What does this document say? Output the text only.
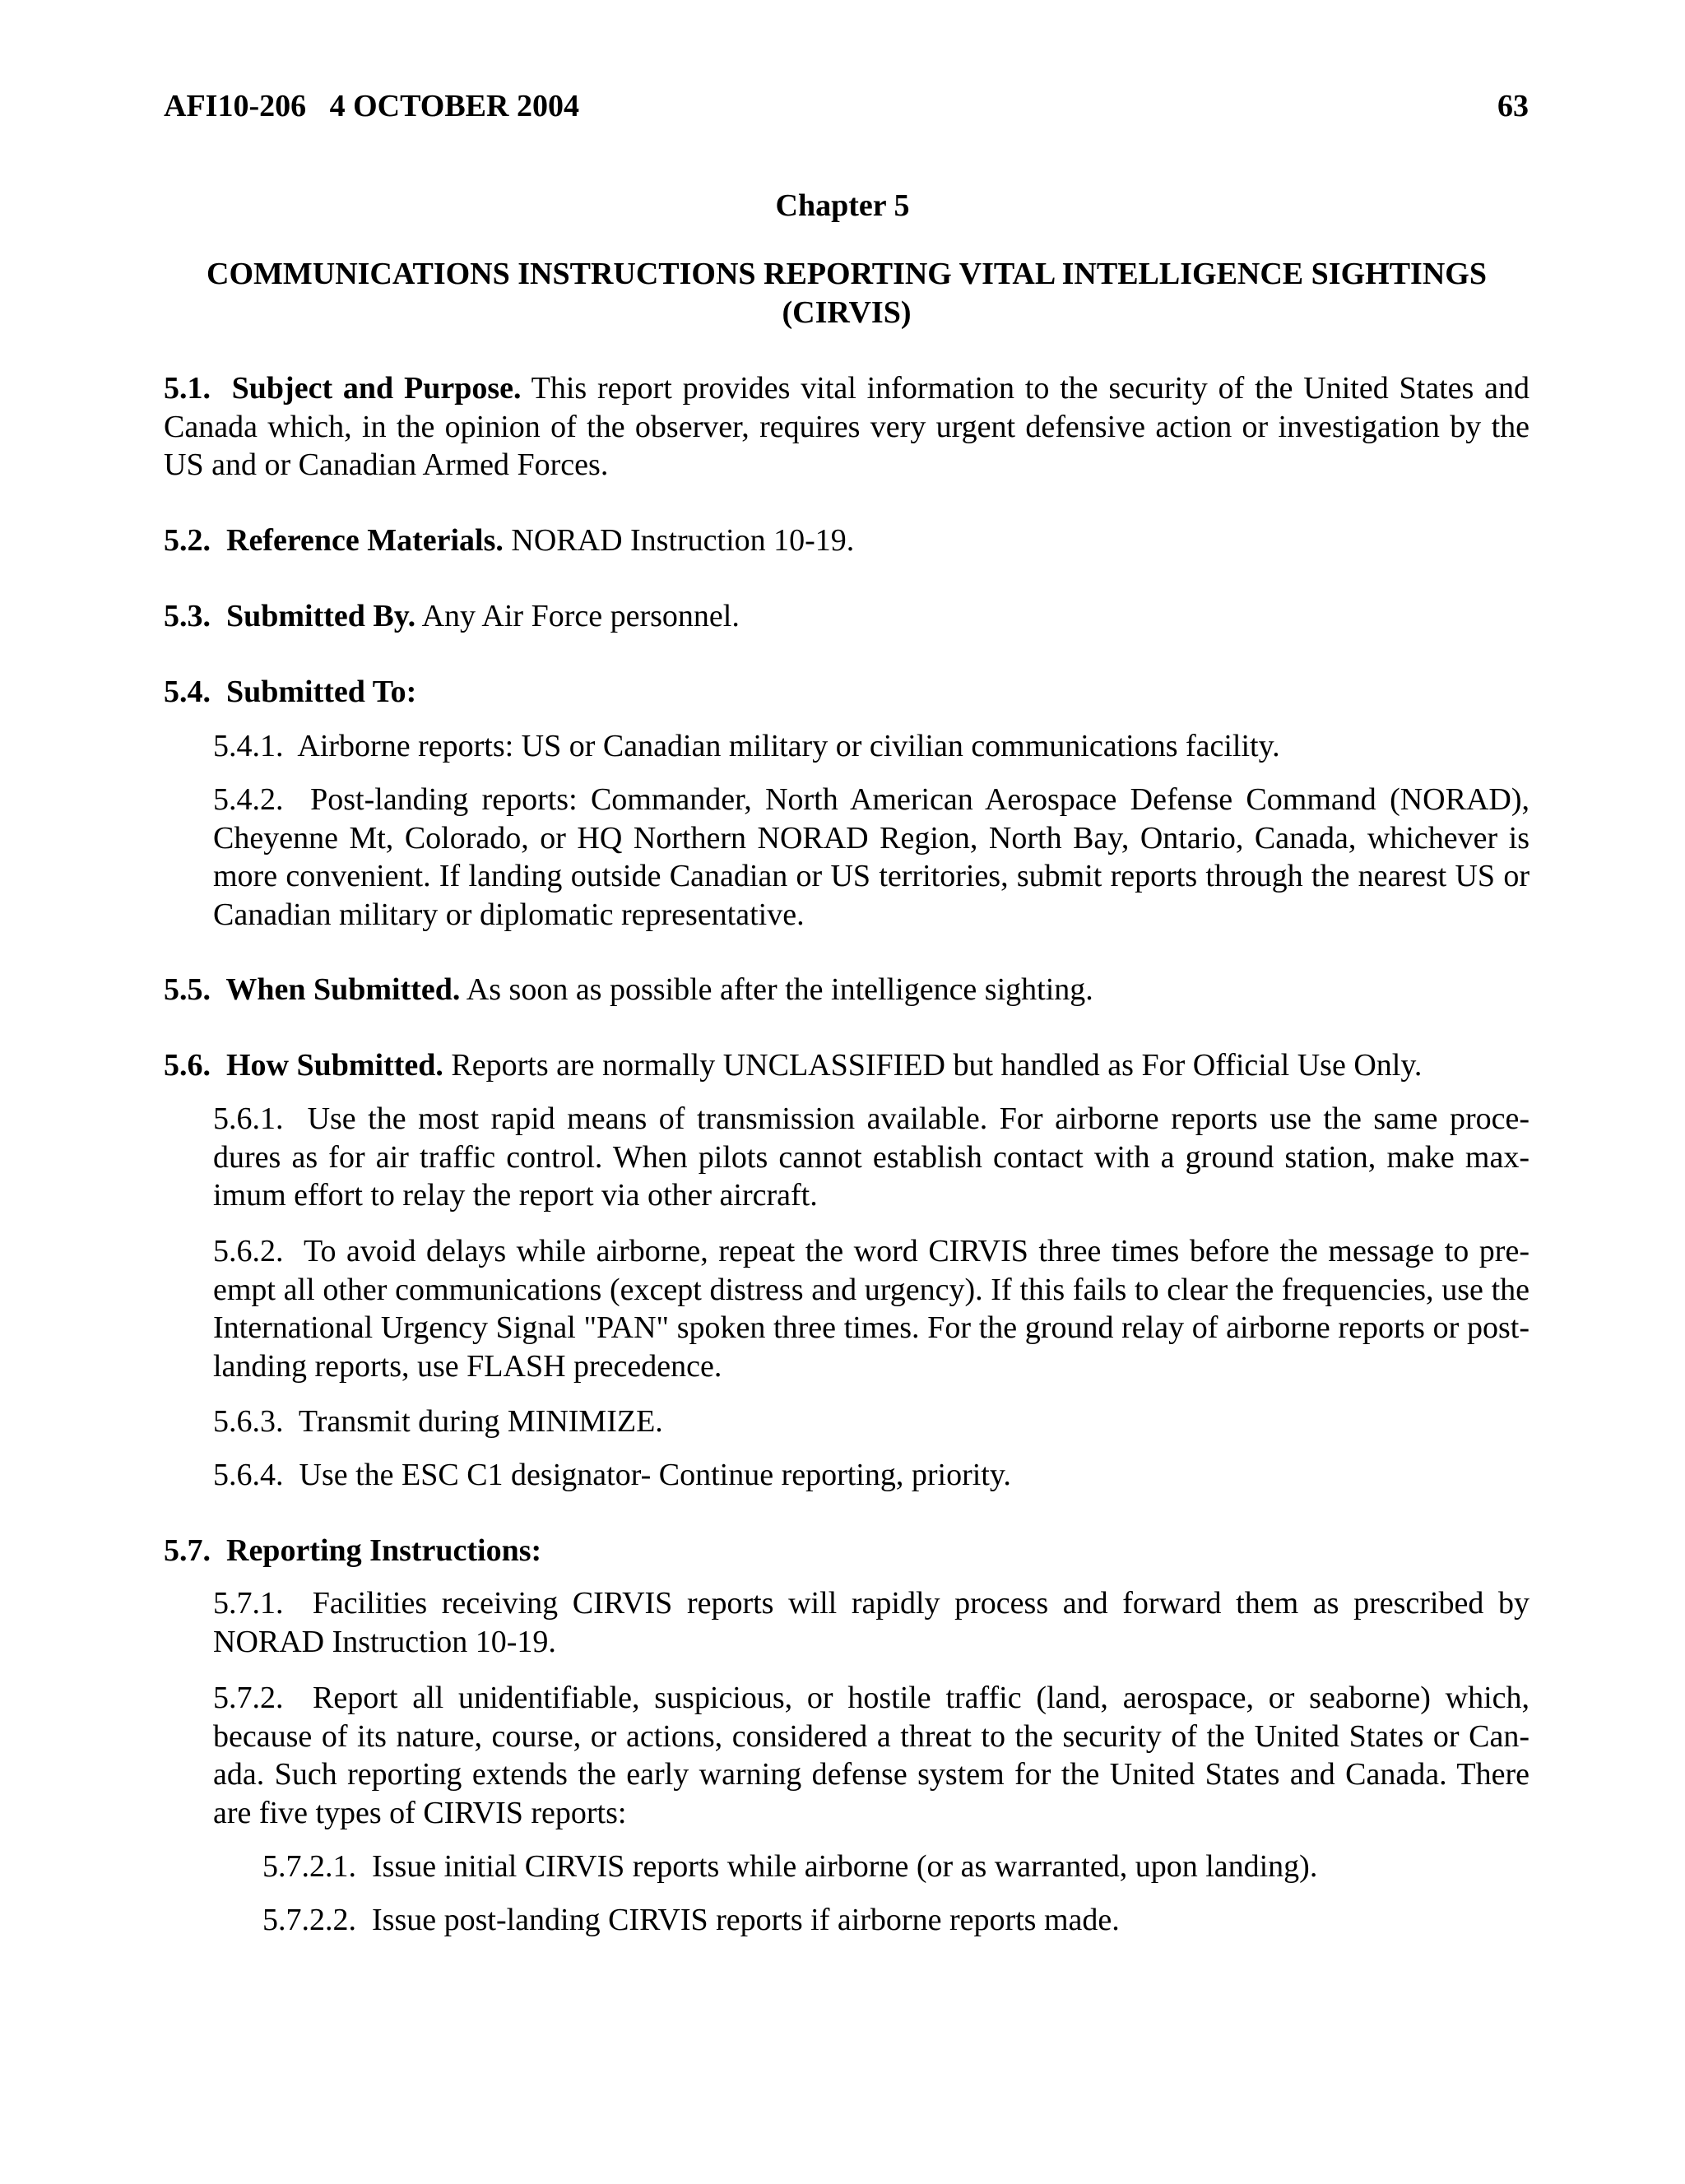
AFI10-206   4 OCTOBER 2004	63
Chapter 5
COMMUNICATIONS INSTRUCTIONS REPORTING VITAL INTELLIGENCE SIGHTINGS (CIRVIS)

5.1.  Subject and Purpose. This report provides vital information to the security of the United States and Canada which, in the opinion of the observer, requires very urgent defensive action or investigation by the US and or Canadian Armed Forces.

5.2.  Reference Materials. NORAD Instruction 10-19.

5.3.  Submitted By. Any Air Force personnel.

5.4.  Submitted To:

5.4.1.  Airborne reports: US or Canadian military or civilian communications facility.

5.4.2.  Post-landing reports: Commander, North American Aerospace Defense Command (NORAD), Cheyenne Mt, Colorado, or HQ Northern NORAD Region, North Bay, Ontario, Canada, whichever is more convenient. If landing outside Canadian or US territories, submit reports through the nearest US or Canadian military or diplomatic representative.

5.5.  When Submitted. As soon as possible after the intelligence sighting.

5.6.  How Submitted. Reports are normally UNCLASSIFIED but handled as For Official Use Only.

5.6.1.  Use the most rapid means of transmission available. For airborne reports use the same proce-dures as for air traffic control. When pilots cannot establish contact with a ground station, make max-imum effort to relay the report via other aircraft.

5.6.2.  To avoid delays while airborne, repeat the word CIRVIS three times before the message to pre-empt all other communications (except distress and urgency). If this fails to clear the frequencies, use the International Urgency Signal "PAN" spoken three times. For the ground relay of airborne reports or post-landing reports, use FLASH precedence.

5.6.3.  Transmit during MINIMIZE.

5.6.4.  Use the ESC C1 designator- Continue reporting, priority.

5.7.  Reporting Instructions:

5.7.1.  Facilities receiving CIRVIS reports will rapidly process and forward them as prescribed by NORAD Instruction 10-19.

5.7.2.  Report all unidentifiable, suspicious, or hostile traffic (land, aerospace, or seaborne) which, because of its nature, course, or actions, considered a threat to the security of the United States or Can-ada. Such reporting extends the early warning defense system for the United States and Canada. There are five types of CIRVIS reports:

5.7.2.1.  Issue initial CIRVIS reports while airborne (or as warranted, upon landing).

5.7.2.2.  Issue post-landing CIRVIS reports if airborne reports made.
